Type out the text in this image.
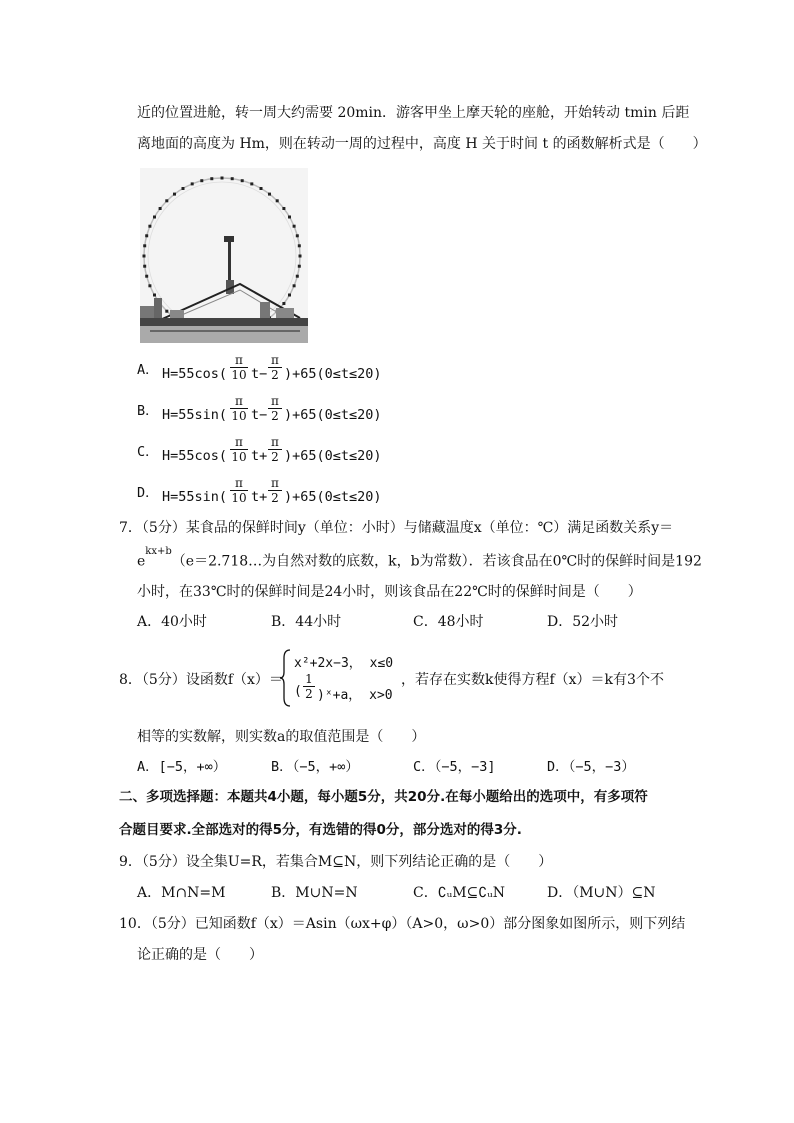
近的位置进舱，转一周大约需要 20min．游客甲坐上摩天轮的座舱，开始转动 tmin 后距
离地面的高度为 Hm，则在转动一周的过程中，高度 H 关于时间 t 的函数解析式是（　　）
A． H=55cos(
π
10 t−
π
2 )+65(0≤t≤20)
B． H=55sin(
π
10 t−
π
2 )+65(0≤t≤20)
C． H=55cos(
π
10 t+
π
2 )+65(0≤t≤20)
D． H=55sin(
π
10 t+
π
2 )+65(0≤t≤20)
7．（5分）某食品的保鲜时间y（单位：小时）与储藏温度x（单位：℃）满足函数关系y＝
$e^{kx+b}(e=2.718\dots$为自然对数的底数，k，b为常数）．若该食品在0℃时的保鲜时间是192
小时，在33℃时的保鲜时间是24小时，则该食品在22℃时的保鲜时间是（　　）
A．40小时	B．44小时	C．48小时	D．52小时
8．（5分）设函数f（x）＝
x²+2x−3， x≤0
(
1
2 )ˣ+a， x>0
，若存在实数k使得方程f（x）＝k有3个不
相等的实数解，则实数a的取值范围是（　　）
A．[−5，+∞）	B．（−5，+∞）	C．（−5，−3]	D．（−5，−3）
二、多项选择题：本题共4小题，每小题5分，共20分.在每小题给出的选项中，有多项符
合题目要求.全部选对的得5分，有选错的得0分，部分选对的得3分.
9．（5分）设全集U=R，若集合M⊆N，则下列结论正确的是（　　）
A．M∩N=M	B．M∪N=N	C．∁ᵤM⊆∁ᵤN	D．（M∪N）⊆N
10．（5分）已知函数f（x）＝Asin（ωx+φ）（A>0，ω>0）部分图象如图所示，则下列结
论正确的是（　　）
